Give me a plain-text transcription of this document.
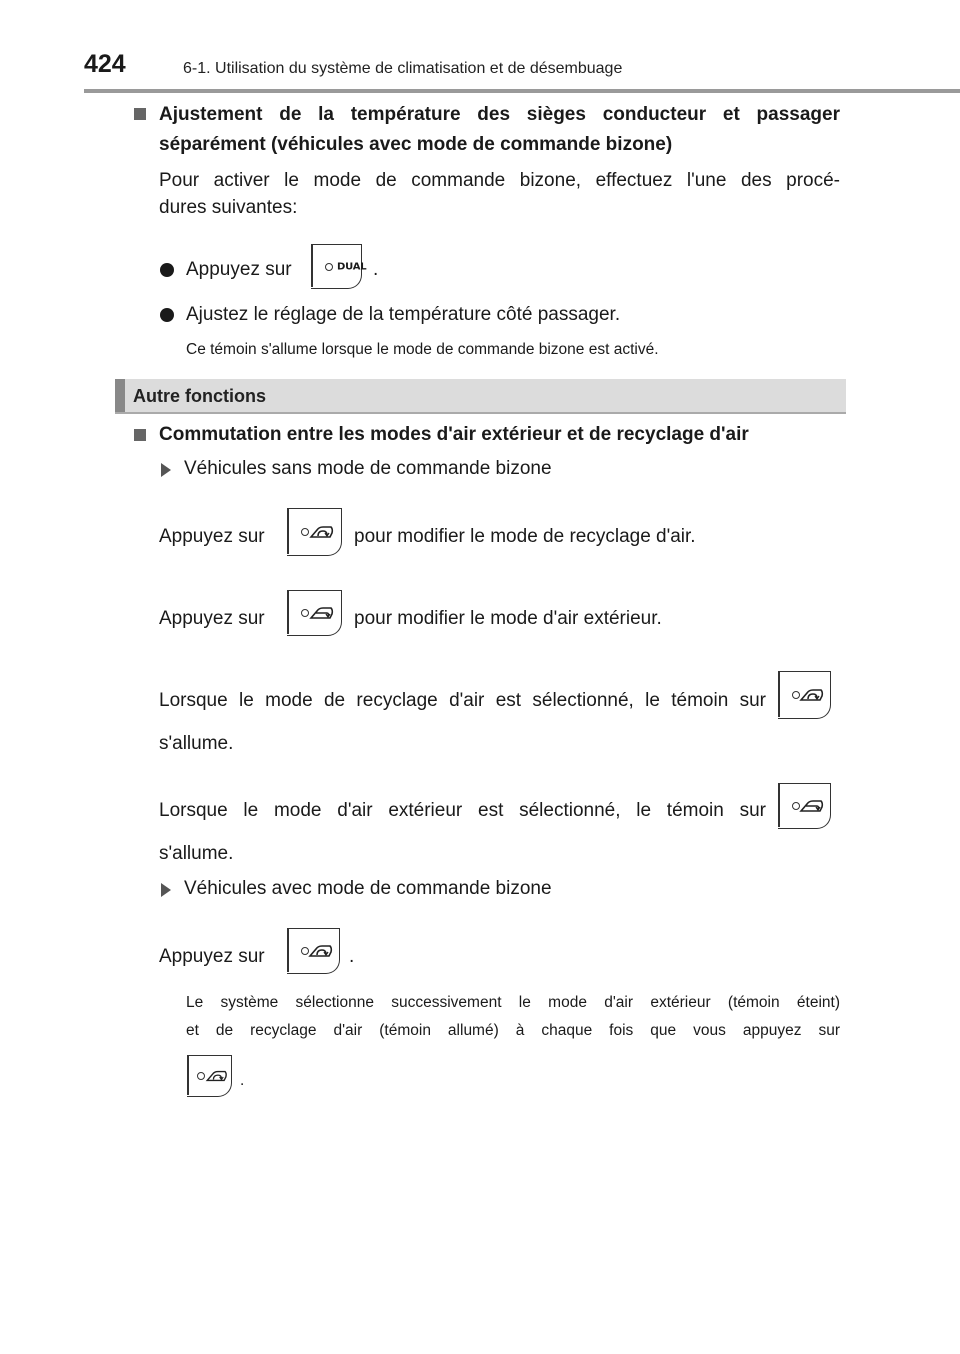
424	6-1. Utilisation du système de climatisation et de désembuage
Ajustement de la température des sièges conducteur et passager
séparément (véhicules avec mode de commande bizone)
Pour activer le mode de commande bizone, effectuez l'une des procé-
dures suivantes:
Appuyez sur	DUAL .
Ajustez le réglage de la température côté passager.
Ce témoin s'allume lorsque le mode de commande bizone est activé.
Autre fonctions
Commutation entre les modes d'air extérieur et de recyclage d'air
Véhicules sans mode de commande bizone
Appuyez sur	pour modifier le mode de recyclage d'air.
Appuyez sur	pour modifier le mode d'air extérieur.
Lorsque le mode de recyclage d'air est sélectionné, le témoin sur
s'allume.
Lorsque le mode d'air extérieur est sélectionné, le témoin sur
s'allume.
Véhicules avec mode de commande bizone
Appuyez sur	.
Le système sélectionne successivement le mode d'air extérieur (témoin éteint)
et de recyclage d'air (témoin allumé) à chaque fois que vous appuyez sur
.
